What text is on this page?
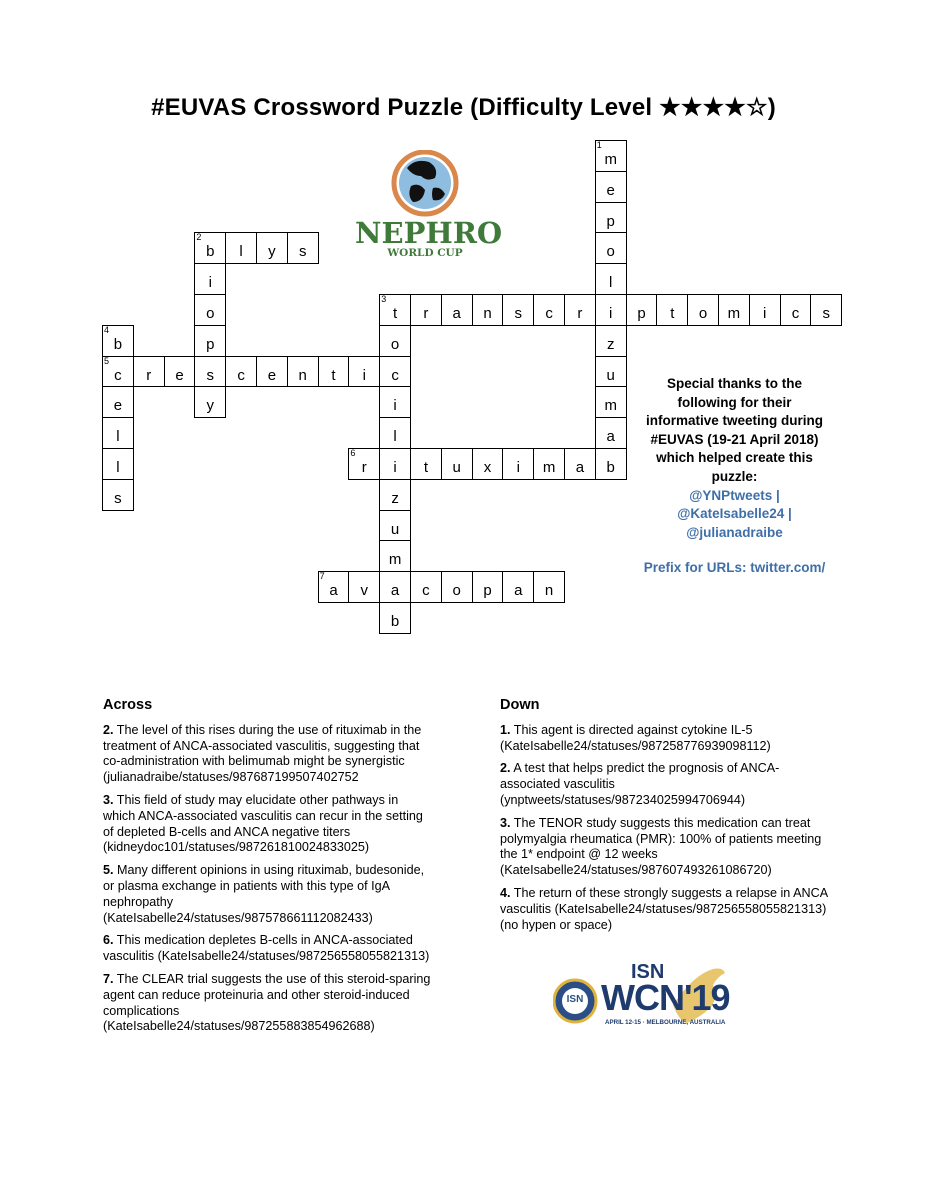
#EUVAS Crossword Puzzle (Difficulty Level ★★★★☆)
NEPHRO
WORLD CUP
1
m
e
p
o
l
i
z
u
m
a
b
2
b	l	y	s
i
o
p
s
y
3
t	r	a	n	s	c	r	p	t	o	m	i	c	s
o
c
i
l
i
z
u
m
a
b
4
b
5
c
e
l
l
s
r	e	c	e	n	t	i
6
r	t	u	x	i	m	a
7
a	v	c	o	p	a	n
Special thanks to the following for their informative tweeting during #EUVAS (19-21 April 2018) which helped create this puzzle:
@YNPtweets |
@KateIsabelle24 |
@julianadraibe
Prefix for URLs: twitter.com/
Across
2. The level of this rises during the use of rituximab in the treatment of ANCA-associated vasculitis, suggesting that co-administration with belimumab might be synergistic (julianadraibe/statuses/987687199507402752
3. This field of study may elucidate other pathways in which ANCA-associated vasculitis can recur in the setting of depleted B-cells and ANCA negative titers (kidneydoc101/statuses/987261810024833025)
5. Many different opinions in using rituximab, budesonide, or plasma exchange in patients with this type of IgA nephropathy (KateIsabelle24/statuses/987578661112082433)
6. This medication depletes B-cells in ANCA-associated vasculitis (KateIsabelle24/statuses/987256558055821313)
7. The CLEAR trial suggests the use of this steroid-sparing agent can reduce proteinuria and other steroid-induced complications (KateIsabelle24/statuses/987255883854962688)
Down
1. This agent is directed against cytokine IL-5 (KateIsabelle24/statuses/987258776939098112)
2. A test that helps predict the prognosis of ANCA-associated vasculitis (ynptweets/statuses/987234025994706944)
3. The TENOR study suggests this medication can treat polymyalgia rheumatica (PMR): 100% of patients meeting the 1* endpoint @ 12 weeks (KateIsabelle24/statuses/987607493261086720)
4. The return of these strongly suggests a relapse in ANCA vasculitis (KateIsabelle24/statuses/987256558055821313) (no hypen or space)
ISN
ISN
WCN'19
APRIL 12-15 · MELBOURNE, AUSTRALIA
